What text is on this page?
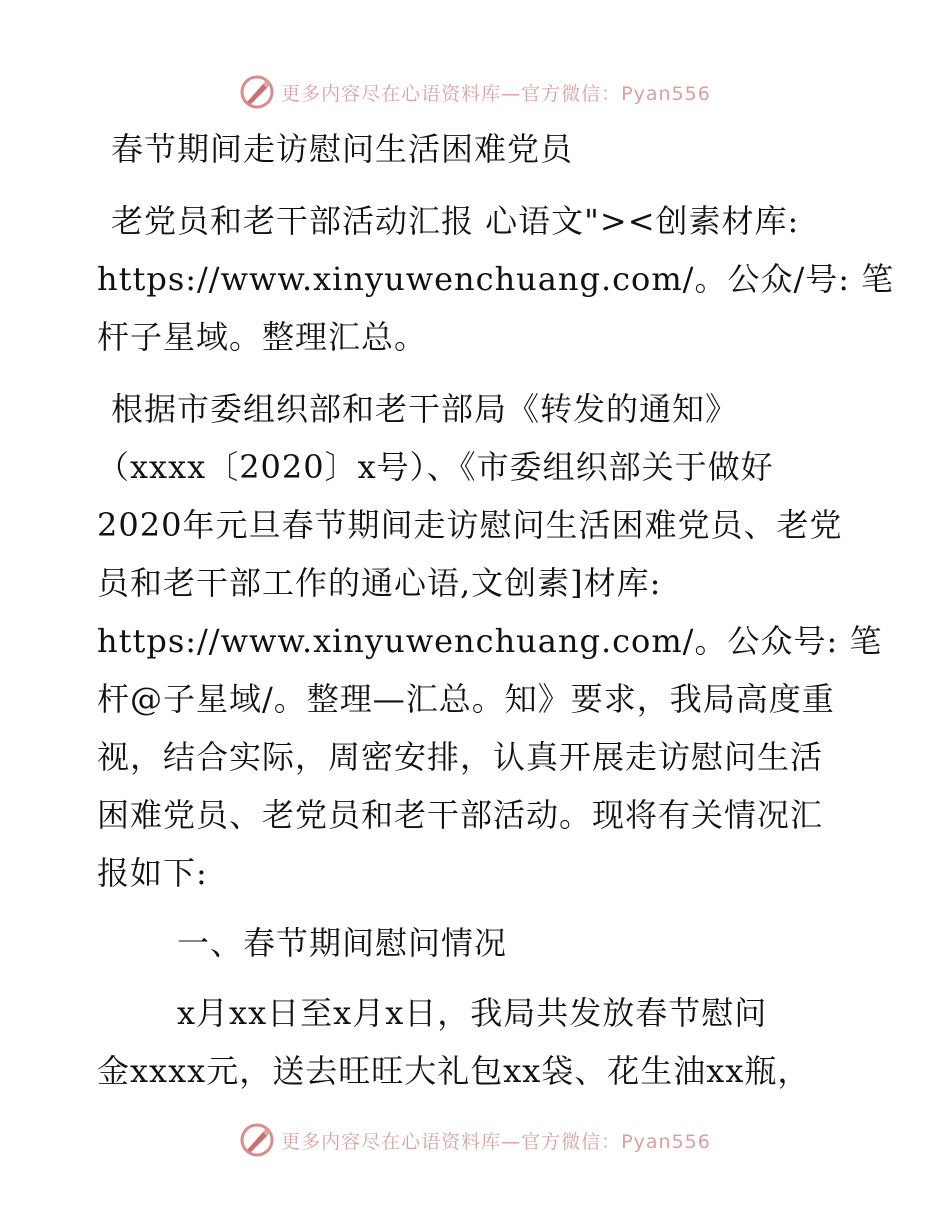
更多内容尽在心语资料库—官方微信：Pyan556

春节期间走访慰问生活困难党员

老党员和老干部活动汇报 心语文"><创素材库:

https://www.xinyuwenchuang.com/。公众/号: 笔

杆子星域。整理汇总。

根据市委组织部和老干部局《转发的通知》

（xxxx〔2020〕x号）、《市委组织部关于做好

2020年元旦春节期间走访慰问生活困难党员、老党

员和老干部工作的通心语,文创素]材库:

https://www.xinyuwenchuang.com/。公众号: 笔

杆@子星域/。整理—汇总。知》要求，我局高度重

视，结合实际，周密安排，认真开展走访慰问生活

困难党员、老党员和老干部活动。现将有关情况汇

报如下:

一、春节期间慰问情况

x月xx日至x月x日，我局共发放春节慰问

金xxxx元，送去旺旺大礼包xx袋、花生油xx瓶，

更多内容尽在心语资料库—官方微信：Pyan556
